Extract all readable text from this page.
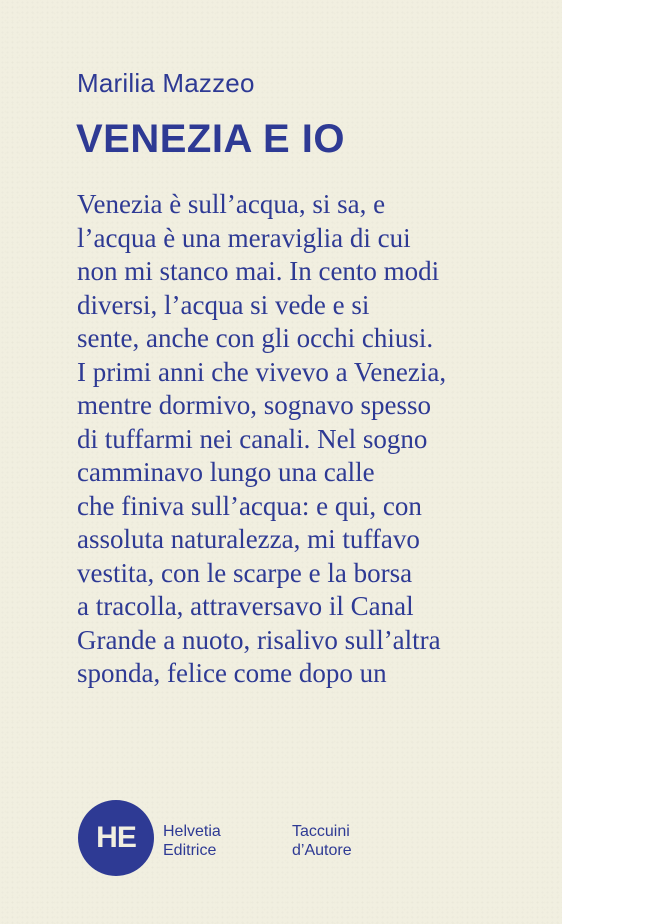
Marilia Mazzeo
VENEZIA E IO
Venezia è sull’acqua, si sa, e
l’acqua è una meraviglia di cui
non mi stanco mai. In cento modi
diversi, l’acqua si vede e si
sente, anche con gli occhi chiusi.
I primi anni che vivevo a Venezia,
mentre dormivo, sognavo spesso
di tuffarmi nei canali. Nel sogno
camminavo lungo una calle
che finiva sull’acqua: e qui, con
assoluta naturalezza, mi tuffavo
vestita, con le scarpe e la borsa
a tracolla, attraversavo il Canal
Grande a nuoto, risalivo sull’altra
sponda, felice come dopo un
HE	Helvetia
Editrice
Taccuini
d’Autore
